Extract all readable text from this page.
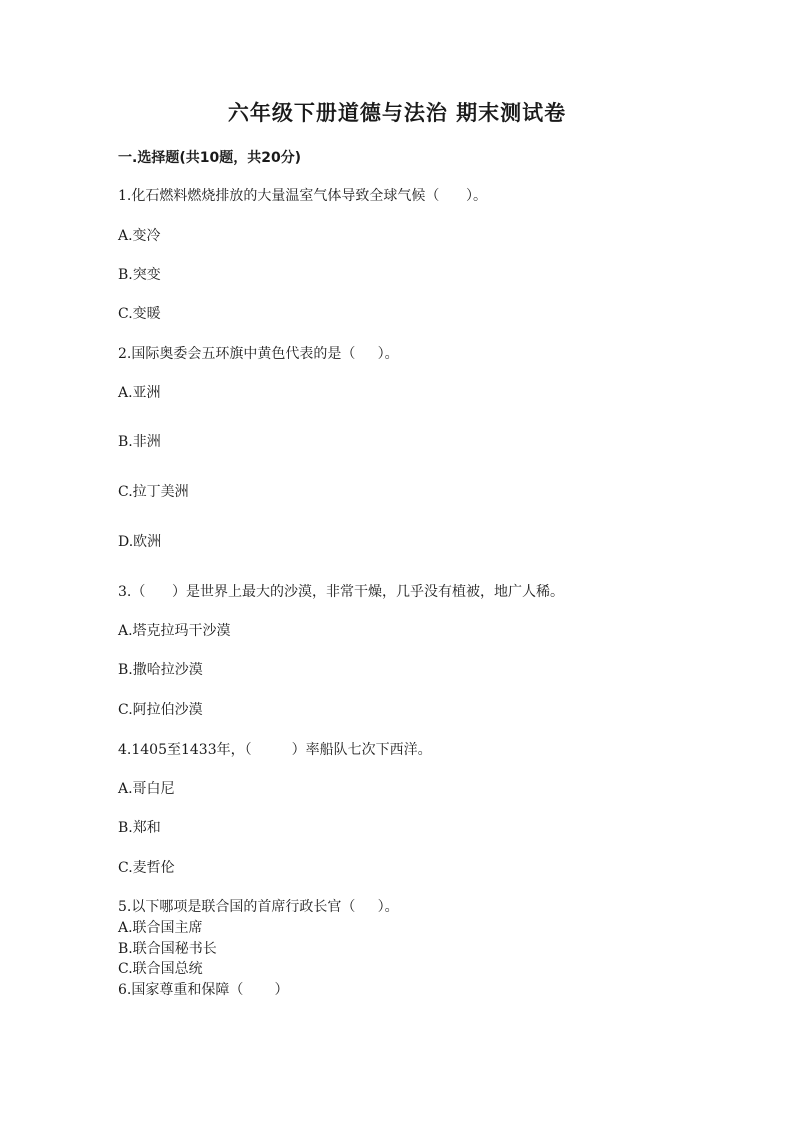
六年级下册道德与法治 期末测试卷
一.选择题(共10题，共20分)
1.化石燃料燃烧排放的大量温室气体导致全球气候（      ）。
A.变冷
B.突变
C.变暖
2.国际奥委会五环旗中黄色代表的是（     ）。
A.亚洲
B.非洲
C.拉丁美洲
D.欧洲
3.（      ）是世界上最大的沙漠，非常干燥，几乎没有植被，地广人稀。
A.塔克拉玛干沙漠
B.撒哈拉沙漠
C.阿拉伯沙漠
4.1405至1433年，（         ）率船队七次下西洋。
A.哥白尼
B.郑和
C.麦哲伦
5.以下哪项是联合国的首席行政长官（     ）。
A.联合国主席
B.联合国秘书长
C.联合国总统
6.国家尊重和保障（       ）
